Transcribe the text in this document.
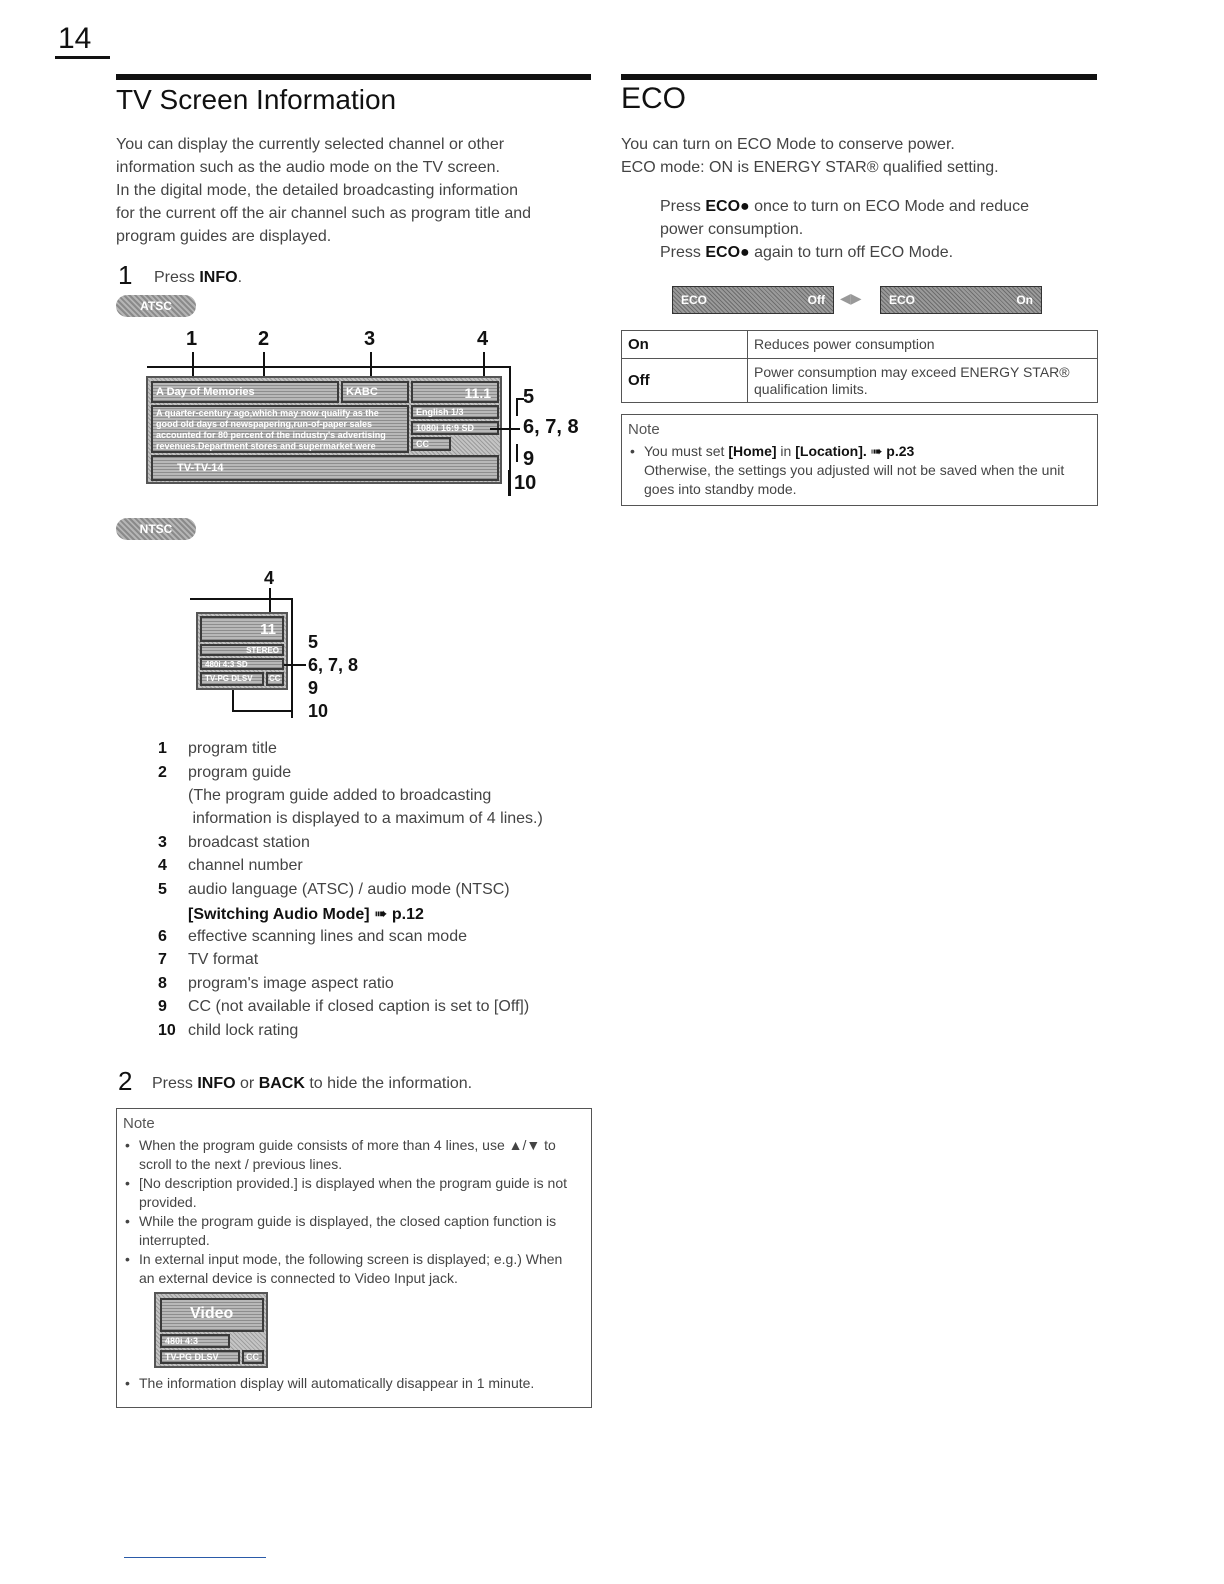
14
TV Screen Information
You can display the currently selected channel or other
information such as the audio mode on the TV screen.
In the digital mode, the detailed broadcasting information
for the current off the air channel such as program title and
program guides are displayed.
1 Press INFO.
ATSC
1	2	3	4
A Day of Memories	KABC	11.1
A quarter-century ago,which may now qualify as the
good old days of newspapering,run-of-paper sales
accounted for 80 percent of the industry's advertising
revenues.Department stores and supermarket were
English 1/3
1080i 16:9 SD
CC
TV-TV-14
5
6, 7, 8
9
10
NTSC
4
11
STEREO
480i 4:3 SD
TV-PG DLSV	CC
5
6, 7, 8
9
10
1 program title
2 program guide
(The program guide added to broadcasting
information is displayed to a maximum of 4 lines.)
3 broadcast station
4 channel number
5 audio language (ATSC) / audio mode (NTSC)
[Switching Audio Mode] ➠ p.12
6 effective scanning lines and scan mode
7 TV format
8 program's image aspect ratio
9 CC (not available if closed caption is set to [Off])
10 child lock rating
2 Press INFO or BACK to hide the information.
Note
• When the program guide consists of more than 4 lines, use ▲/▼ to scroll to the next / previous lines.
• [No description provided.] is displayed when the program guide is not provided.
• While the program guide is displayed, the closed caption function is interrupted.
• In external input mode, the following screen is displayed; e.g.) When an external device is connected to Video Input jack.
Video
480i 4:3
TV-PG DLSV	CC
• The information display will automatically disappear in 1 minute.
ECO
You can turn on ECO Mode to conserve power.
ECO mode: ON is ENERGY STAR® qualified setting.
Press ECO● once to turn on ECO Mode and reduce
power consumption.
Press ECO● again to turn off ECO Mode.
ECO	Off ◀▶ ECO	On
On	Reduces power consumption
Off	Power consumption may exceed ENERGY STAR® qualification limits.
Note
• You must set [Home] in [Location]. ➠ p.23
Otherwise, the settings you adjusted will not be saved when the unit goes into standby mode.
